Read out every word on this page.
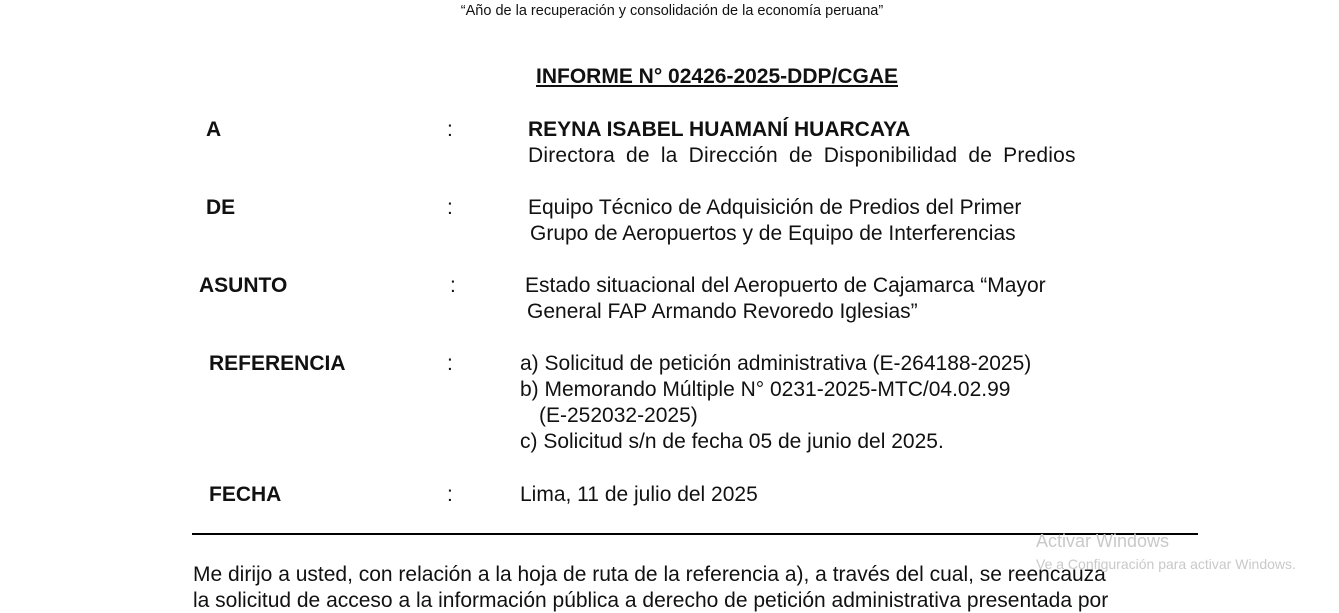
“Año de la recuperación y consolidación de la economía peruana”
INFORME N° 02426-2025-DDP/CGAE
A	:	REYNA ISABEL HUAMANÍ HUARCAYA
Directora de la Dirección de Disponibilidad de Predios
DE	:	Equipo Técnico de Adquisición de Predios del Primer
Grupo de Aeropuertos y de Equipo de Interferencias
ASUNTO	:	Estado situacional del Aeropuerto de Cajamarca “Mayor
General FAP Armando Revoredo Iglesias”
REFERENCIA	:	a) Solicitud de petición administrativa (E-264188-2025)
b) Memorando Múltiple N° 0231-2025-MTC/04.02.99
(E-252032-2025)
c) Solicitud s/n de fecha 05 de junio del 2025.
FECHA	:	Lima, 11 de julio del 2025
Me dirijo a usted, con relación a la hoja de ruta de la referencia a), a través del cual, se reencauza
la solicitud de acceso a la información pública a derecho de petición administrativa presentada por
Activar Windows
Ve a Configuración para activar Windows.
